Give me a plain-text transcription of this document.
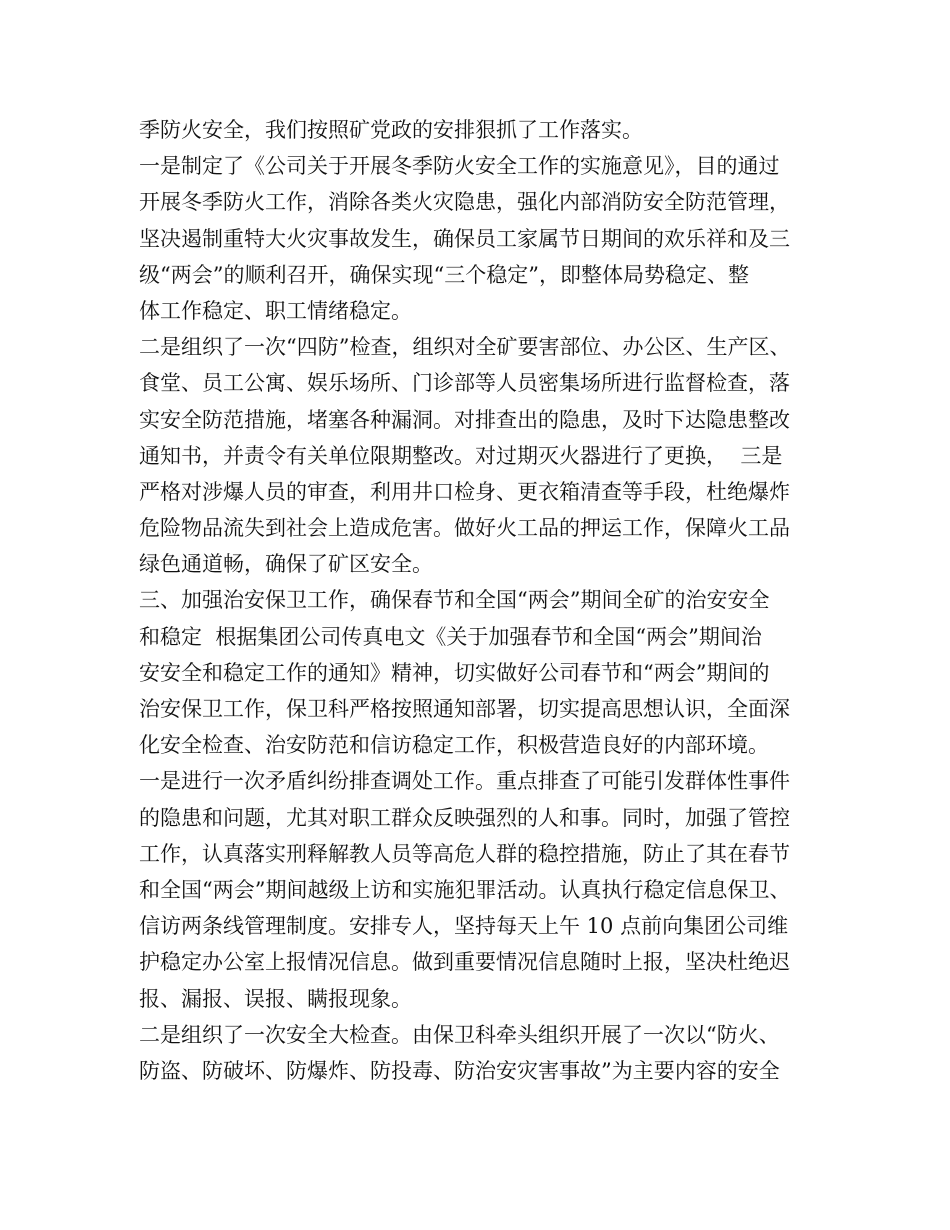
季防火安全，我们按照矿党政的安排狠抓了工作落实。
一是制定了《公司关于开展冬季防火安全工作的实施意见》，目的通过
开展冬季防火工作，消除各类火灾隐患，强化内部消防安全防范管理，
坚决遏制重特大火灾事故发生，确保员工家属节日期间的欢乐祥和及三
级“两会”的顺利召开，确保实现“三个稳定”，即整体局势稳定、整
体工作稳定、职工情绪稳定。
二是组织了一次“四防”检查，组织对全矿要害部位、办公区、生产区、
食堂、员工公寓、娱乐场所、门诊部等人员密集场所进行监督检查，落
实安全防范措施，堵塞各种漏洞。对排查出的隐患，及时下达隐患整改
通知书，并责令有关单位限期整改。对过期灭火器进行了更换，  三是
严格对涉爆人员的审查，利用井口检身、更衣箱清查等手段，杜绝爆炸
危险物品流失到社会上造成危害。做好火工品的押运工作，保障火工品
绿色通道畅，确保了矿区安全。
三、加强治安保卫工作，确保春节和全国“两会”期间全矿的治安安全
和稳定  根据集团公司传真电文《关于加强春节和全国“两会”期间治
安安全和稳定工作的通知》精神，切实做好公司春节和“两会”期间的
治安保卫工作，保卫科严格按照通知部署，切实提高思想认识，全面深
化安全检查、治安防范和信访稳定工作，积极营造良好的内部环境。
一是进行一次矛盾纠纷排查调处工作。重点排查了可能引发群体性事件
的隐患和问题，尤其对职工群众反映强烈的人和事。同时，加强了管控
工作，认真落实刑释解教人员等高危人群的稳控措施，防止了其在春节
和全国“两会”期间越级上访和实施犯罪活动。认真执行稳定信息保卫、
信访两条线管理制度。安排专人，坚持每天上午 10 点前向集团公司维
护稳定办公室上报情况信息。做到重要情况信息随时上报，坚决杜绝迟
报、漏报、误报、瞒报现象。
二是组织了一次安全大检查。由保卫科牵头组织开展了一次以“防火、
防盗、防破坏、防爆炸、防投毒、防治安灾害事故”为主要内容的安全
